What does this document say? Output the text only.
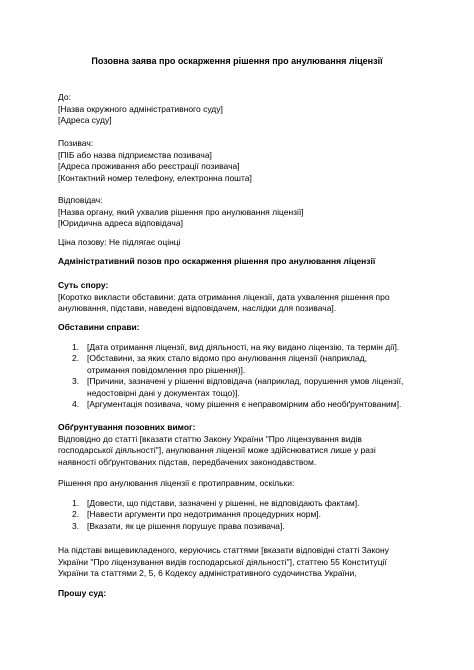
Позовна заява про оскарження рішення про анулювання ліцензії
До:
[Назва окружного адміністративного суду]
[Адреса суду]
Позивач:
[ПІБ або назва підприємства позивача]
[Адреса проживання або реєстрації позивача]
[Контактний номер телефону, електронна пошта]
Відповідач:
[Назва органу, який ухвалив рішення про анулювання ліцензії]
[Юридична адреса відповідача]
Ціна позову: Не підлягає оцінці
Адміністративний позов про оскарження рішення про анулювання ліцензії
Суть спору:
[Коротко викласти обставини: дата отримання ліцензії, дата ухвалення рішення про
анулювання, підстави, наведені відповідачем, наслідки для позивача].
Обставини справи:
1. [Дата отримання ліцензії, вид діяльності, на яку видано ліцензію, та термін дії].
2. [Обставини, за яких стало відомо про анулювання ліцензії (наприклад,
отримання повідомлення про рішення)].
3. [Причини, зазначені у рішенні відповідача (наприклад, порушення умов ліцензії,
недостовірні дані у документах тощо)].
4. [Аргументація позивача, чому рішення є неправомірним або необґрунтованим].
Обґрунтування позовних вимог:
Відповідно до статті [вказати статтю Закону України "Про ліцензування видів
господарської діяльності"], анулювання ліцензії може здійснюватися лише у разі
наявності обґрунтованих підстав, передбачених законодавством.
Рішення про анулювання ліцензії є протиправним, оскільки:
1. [Довести, що підстави, зазначені у рішенні, не відповідають фактам].
2. [Навести аргументи про недотримання процедурних норм].
3. [Вказати, як це рішення порушує права позивача].
На підставі вищевикладеного, керуючись статтями [вказати відповідні статті Закону
України "Про ліцензування видів господарської діяльності"], статтею 55 Конституції
України та статтями 2, 5, 6 Кодексу адміністративного судочинства України,
Прошу суд:
